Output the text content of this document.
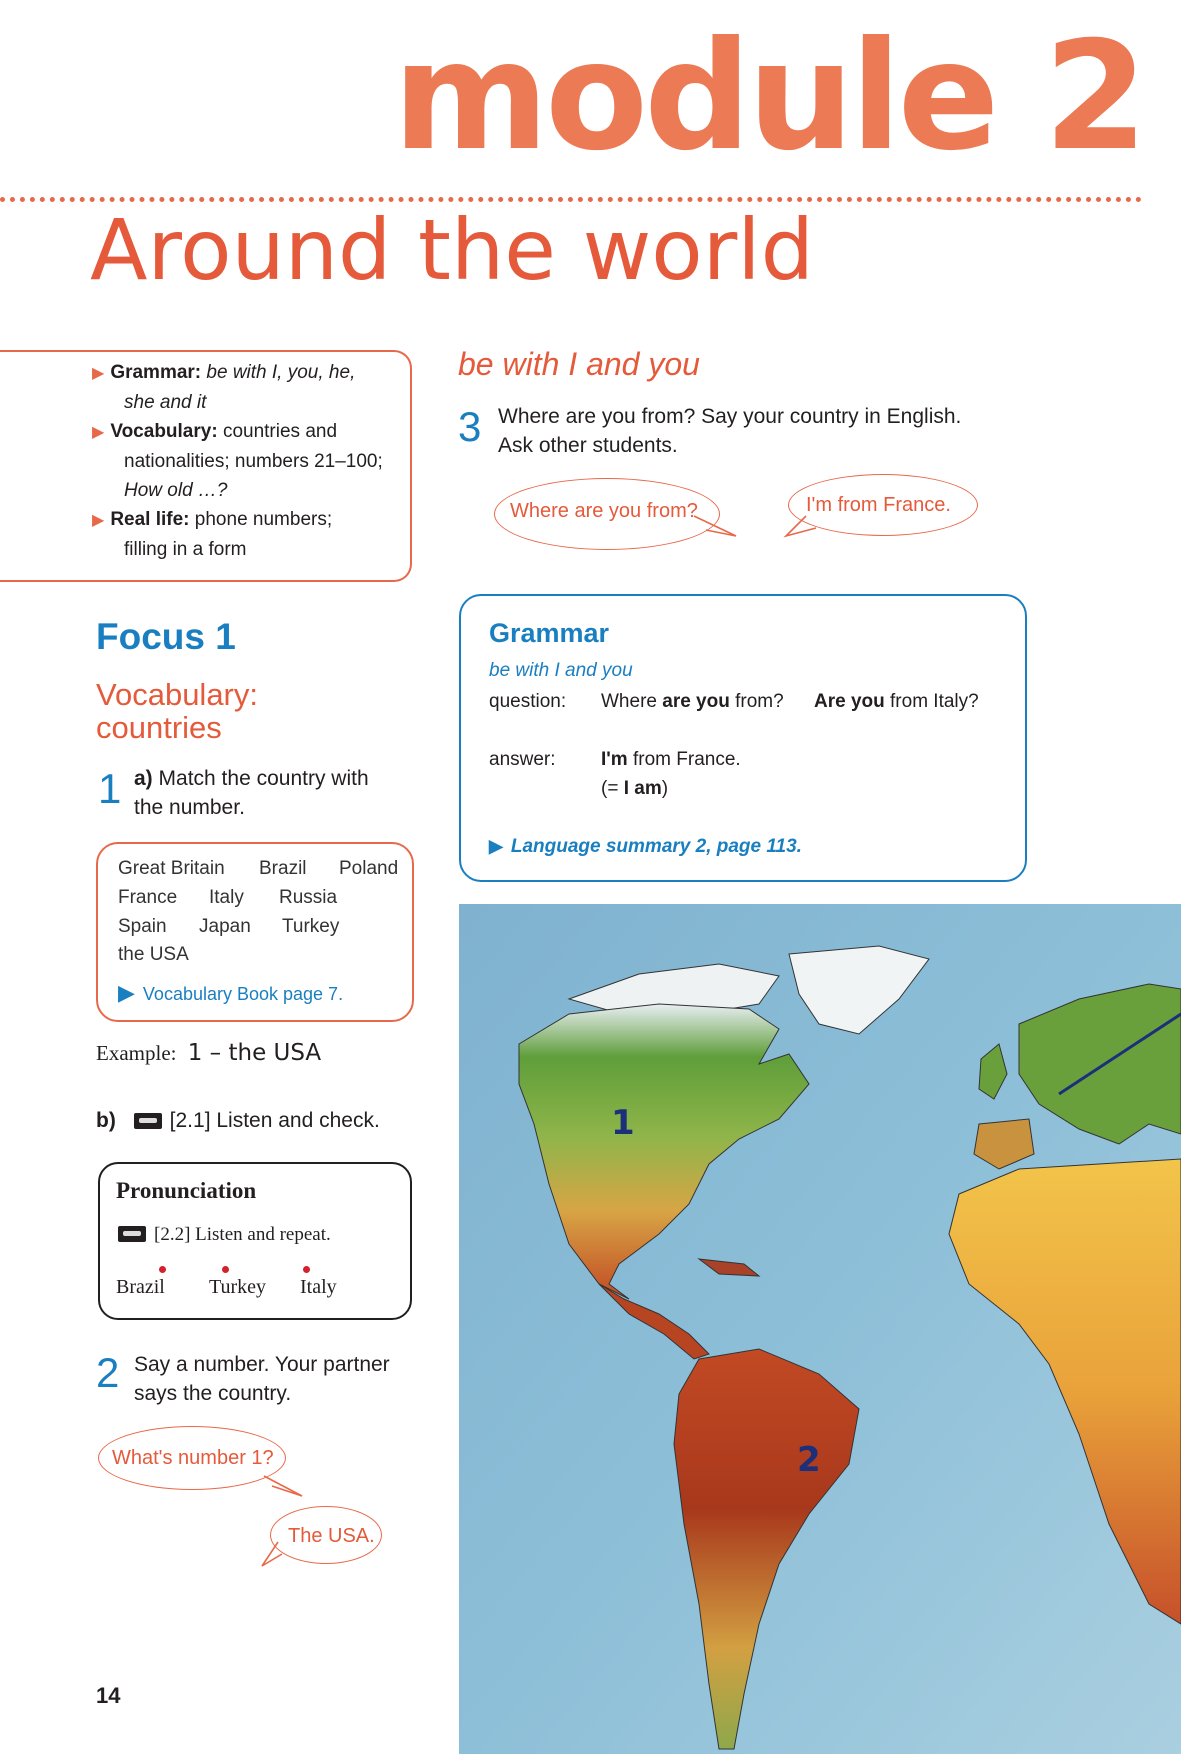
module 2
Around the world
▶ Grammar: be with I, you, he,
she and it
▶ Vocabulary: countries and
nationalities; numbers 21–100;
How old …?
▶ Real life: phone numbers;
filling in a form
Focus 1
Vocabulary:
countries
1 a) Match the country with
the number.
Great Britain Brazil Poland
France Italy Russia
Spain Japan Turkey
the USA
▶ Vocabulary Book page 7.
Example: 1 – the USA
b)	[2.1] Listen and check.
Pronunciation
[2.2] Listen and repeat.
Brazil Turkey Italy
2 Say a number. Your partner
says the country.
What's number 1?
The USA.
be with I and you
3 Where are you from? Say your country in English.
Ask other students.
Where are you from?	I'm from France.
Grammar
be with I and you
question: Where are you from? Are you from Italy?
answer: I'm from France.
(= I am)
▶ Language summary 2, page 113.
1
2
14
